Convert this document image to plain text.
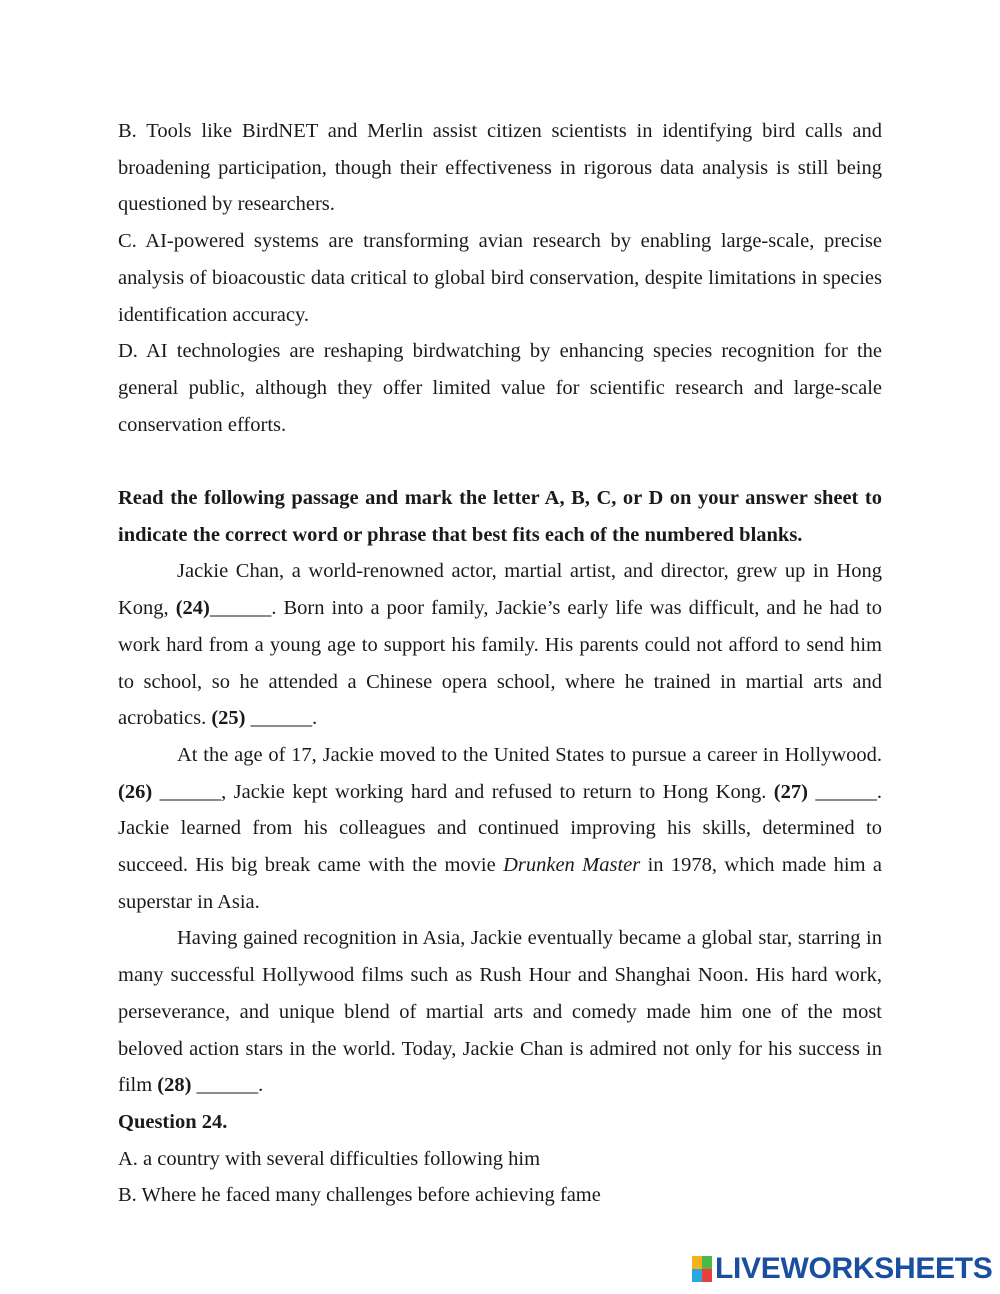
B. Tools like BirdNET and Merlin assist citizen scientists in identifying bird calls and broadening participation, though their effectiveness in rigorous data analysis is still being questioned by researchers.

C. AI-powered systems are transforming avian research by enabling large-scale, precise analysis of bioacoustic data critical to global bird conservation, despite limitations in species identification accuracy.

D. AI technologies are reshaping birdwatching by enhancing species recognition for the general public, although they offer limited value for scientific research and large-scale conservation efforts.

Read the following passage and mark the letter A, B, C, or D on your answer sheet to indicate the correct word or phrase that best fits each of the numbered blanks.

Jackie Chan, a world-renowned actor, martial artist, and director, grew up in Hong Kong, (24)______. Born into a poor family, Jackie’s early life was difficult, and he had to work hard from a young age to support his family. His parents could not afford to send him to school, so he attended a Chinese opera school, where he trained in martial arts and acrobatics. (25) ______.

At the age of 17, Jackie moved to the United States to pursue a career in Hollywood. (26) ______, Jackie kept working hard and refused to return to Hong Kong. (27) ______. Jackie learned from his colleagues and continued improving his skills, determined to succeed. His big break came with the movie Drunken Master in 1978, which made him a superstar in Asia.

Having gained recognition in Asia, Jackie eventually became a global star, starring in many successful Hollywood films such as Rush Hour and Shanghai Noon. His hard work, perseverance, and unique blend of martial arts and comedy made him one of the most beloved action stars in the world. Today, Jackie Chan is admired not only for his success in film (28) ______.

Question 24.

A. a country with several difficulties following him

B. Where he faced many challenges before achieving fame

LIVEWORKSHEETS
